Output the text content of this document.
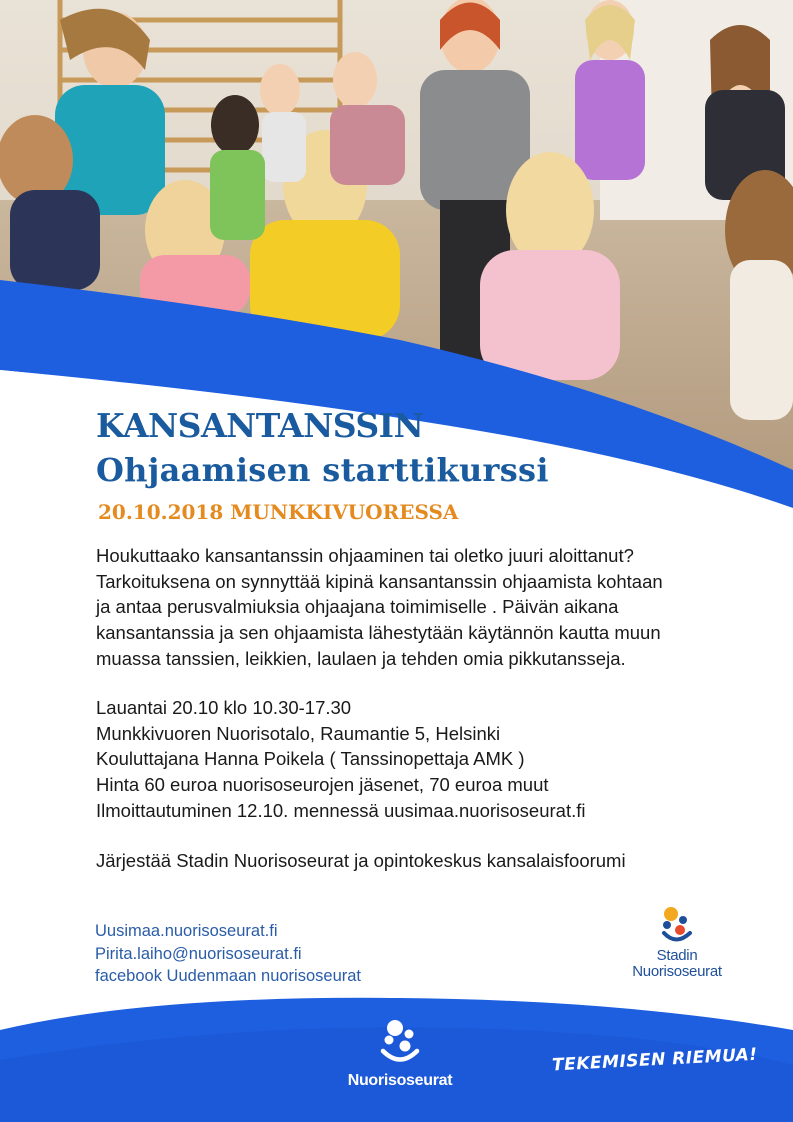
KANSANTANSSIN
Ohjaamisen starttikurssi
20.10.2018 MUNKKIVUORESSA
Houkuttaako kansantanssin ohjaaminen tai oletko juuri aloittanut?
Tarkoituksena on synnyttää kipinä kansantanssin ohjaamista kohtaan
ja antaa perusvalmiuksia ohjaajana toimimiselle . Päivän aikana
kansantanssia ja sen ohjaamista lähestytään käytännön kautta muun
muassa tanssien, leikkien, laulaen ja tehden omia pikkutansseja.
Lauantai 20.10 klo 10.30-17.30
Munkkivuoren Nuorisotalo, Raumantie 5, Helsinki
Kouluttajana Hanna Poikela ( Tanssinopettaja AMK )
Hinta 60 euroa nuorisoseurojen jäsenet, 70 euroa muut
Ilmoittautuminen 12.10. mennessä uusimaa.nuorisoseurat.fi
Järjestää Stadin Nuorisoseurat ja opintokeskus kansalaisfoorumi
Uusimaa.nuorisoseurat.fi
Pirita.laiho@nuorisoseurat.fi
facebook Uudenmaan nuorisoseurat
Stadin
Nuorisoseurat
Nuorisoseurat
TEKEMISEN RIEMUA!
